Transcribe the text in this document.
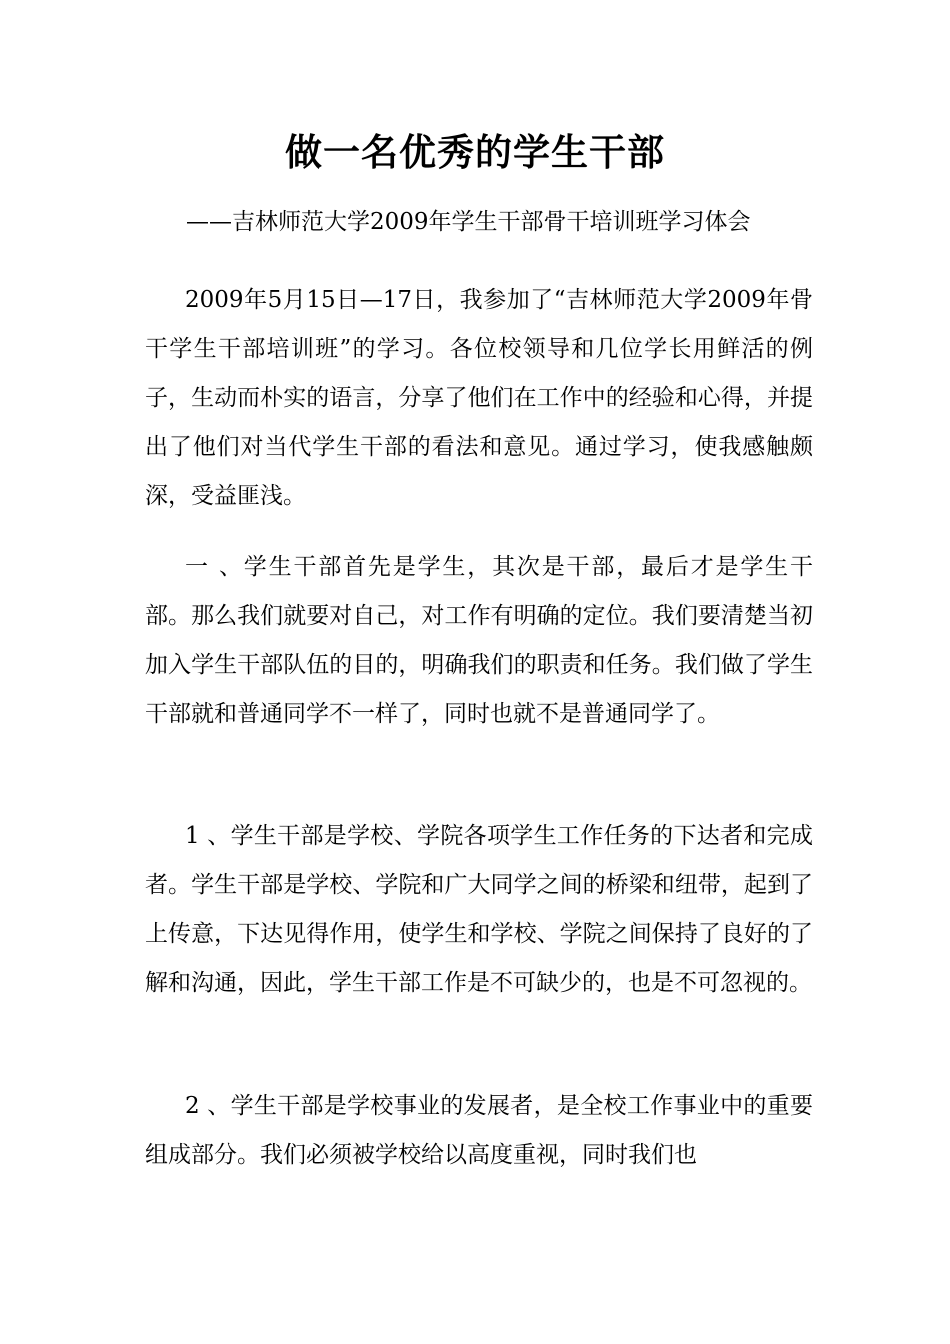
做一名优秀的学生干部

——吉林师范大学2009年学生干部骨干培训班学习体会

2009年5月15日—17日，我参加了“吉林师范大学2009年骨干学生干部培训班”的学习。各位校领导和几位学长用鲜活的例子，生动而朴实的语言，分享了他们在工作中的经验和心得，并提出了他们对当代学生干部的看法和意见。通过学习，使我感触颇深，受益匪浅。

一 、学生干部首先是学生，其次是干部，最后才是学生干部。那么我们就要对自己，对工作有明确的定位。我们要清楚当初加入学生干部队伍的目的，明确我们的职责和任务。我们做了学生干部就和普通同学不一样了，同时也就不是普通同学了。

1 、学生干部是学校、学院各项学生工作任务的下达者和完成者。学生干部是学校、学院和广大同学之间的桥梁和纽带，起到了上传意，下达见得作用，使学生和学校、学院之间保持了良好的了解和沟通，因此，学生干部工作是不可缺少的，也是不可忽视的。

2 、学生干部是学校事业的发展者，是全校工作事业中的重要组成部分。我们必须被学校给以高度重视，同时我们也
